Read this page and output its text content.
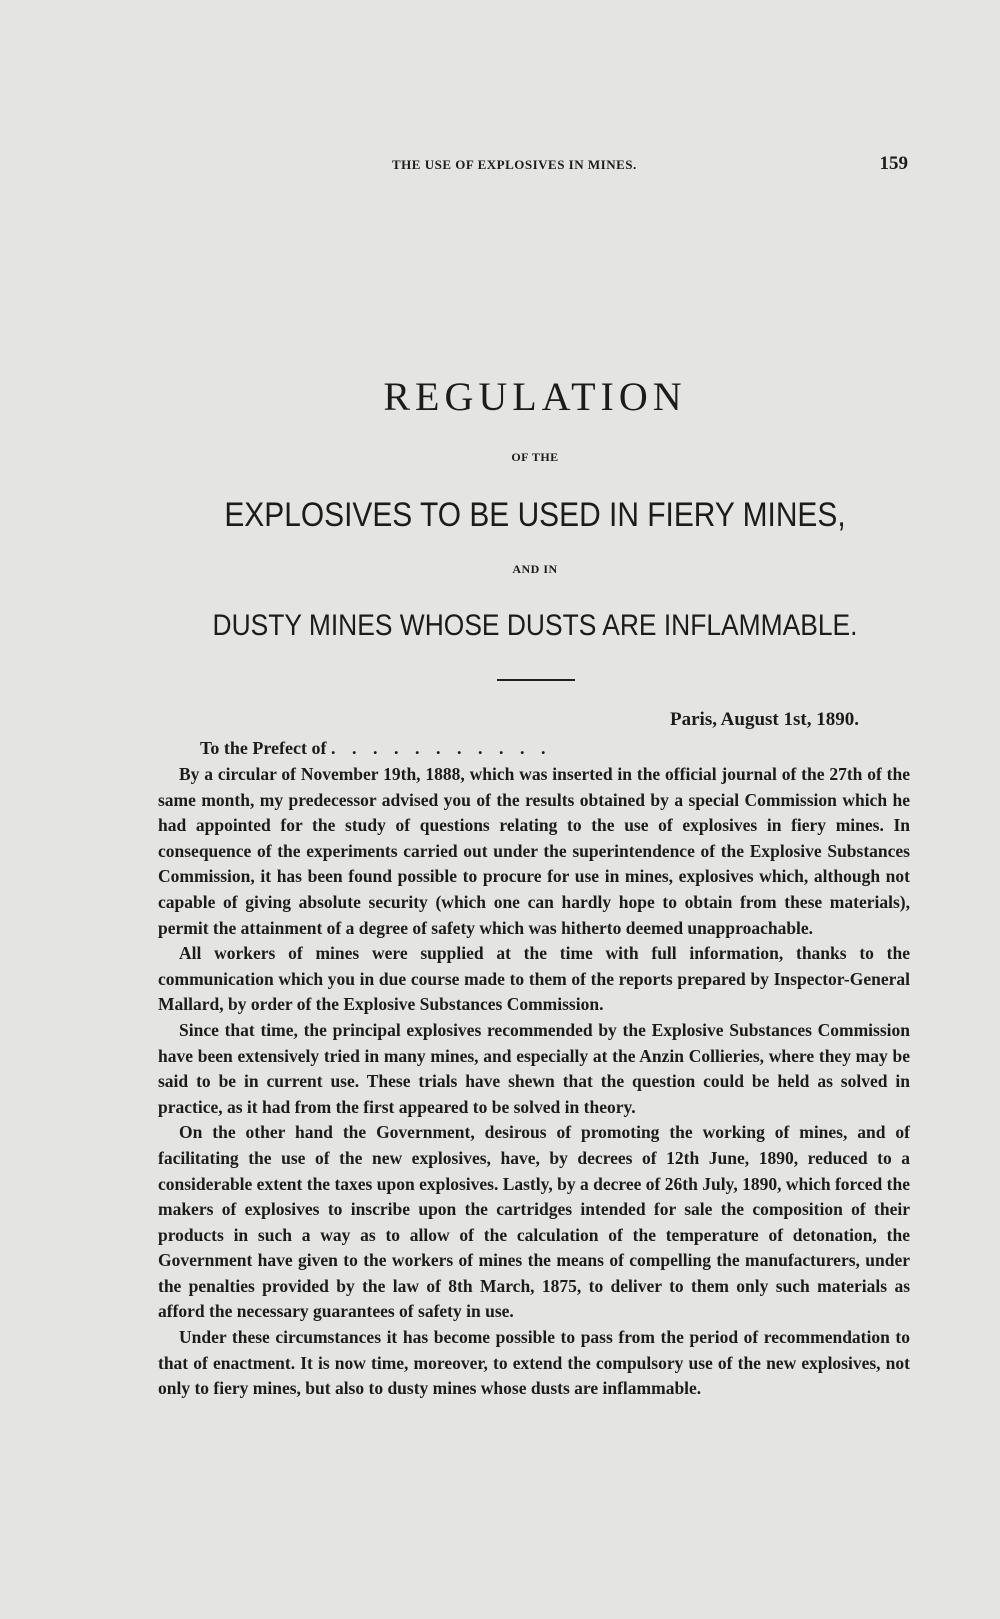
THE USE OF EXPLOSIVES IN MINES.	159
REGULATION
OF THE
EXPLOSIVES TO BE USED IN FIERY MINES,
AND IN
DUSTY MINES WHOSE DUSTS ARE INFLAMMABLE.
Paris, August 1st, 1890.
To the Prefect of . . . . . . . . . . .

By a circular of November 19th, 1888, which was inserted in the official journal of the 27th of the same month, my predecessor advised you of the results obtained by a special Commission which he had appointed for the study of questions relating to the use of explosives in fiery mines. In consequence of the experiments carried out under the superintendence of the Explosive Substances Commission, it has been found possible to procure for use in mines, explosives which, although not capable of giving absolute security (which one can hardly hope to obtain from these materials), permit the attainment of a degree of safety which was hitherto deemed unapproachable.

All workers of mines were supplied at the time with full information, thanks to the communication which you in due course made to them of the reports prepared by Inspector-General Mallard, by order of the Explosive Substances Commission.

Since that time, the principal explosives recommended by the Explosive Substances Commission have been extensively tried in many mines, and especially at the Anzin Collieries, where they may be said to be in current use. These trials have shewn that the question could be held as solved in practice, as it had from the first appeared to be solved in theory.

On the other hand the Government, desirous of promoting the working of mines, and of facilitating the use of the new explosives, have, by decrees of 12th June, 1890, reduced to a considerable extent the taxes upon explosives. Lastly, by a decree of 26th July, 1890, which forced the makers of explosives to inscribe upon the cartridges intended for sale the composition of their products in such a way as to allow of the calculation of the temperature of detonation, the Government have given to the workers of mines the means of compelling the manufacturers, under the penalties provided by the law of 8th March, 1875, to deliver to them only such materials as afford the necessary guarantees of safety in use.

Under these circumstances it has become possible to pass from the period of recommendation to that of enactment. It is now time, moreover, to extend the compulsory use of the new explosives, not only to fiery mines, but also to dusty mines whose dusts are inflammable.
